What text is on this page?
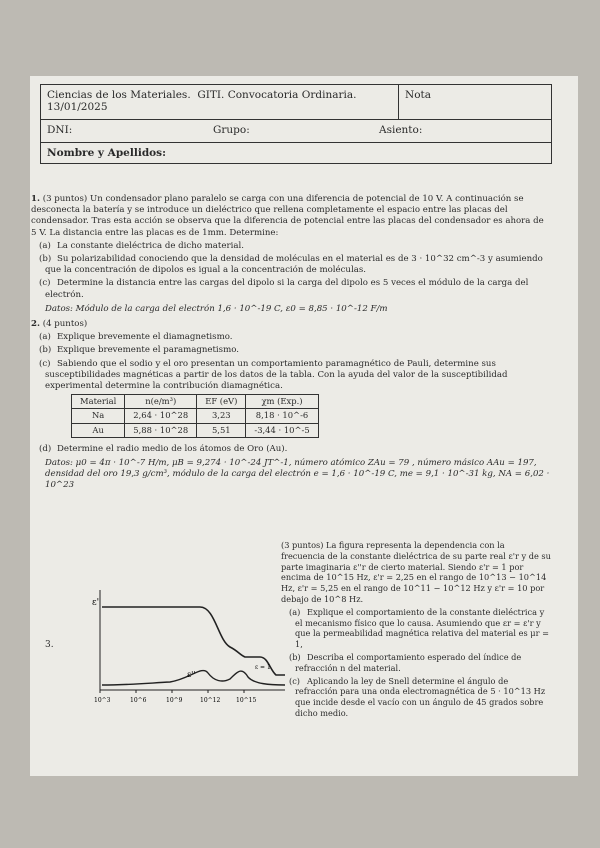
Ciencias de los Materiales. GITI. Convocatoria Ordinaria.
13/01/2025
Nota
DNI:	Grupo:	Asiento:
Nombre y Apellidos:
1. (3 puntos) Un condensador plano paralelo se carga con una diferencia de potencial de 10 V. A continuación se desconecta la batería y se introduce un dieléctrico que rellena completamente el espacio entre las placas del condensador. Tras esta acción se observa que la diferencia de potencial entre las placas del condensador es ahora de 5 V. La distancia entre las placas es de 1mm. Determine:
(a) La constante dieléctrica de dicho material.
(b) Su polarizabilidad conociendo que la densidad de moléculas en el material es de 3 · 10^32 cm^-3 y asumiendo que la concentración de dipolos es igual a la concentración de moléculas.
(c) Determine la distancia entre las cargas del dipolo si la carga del dipolo es 5 veces el módulo de la carga del electrón.
Datos: Módulo de la carga del electrón 1,6 · 10^-19 C, ε0 = 8,85 · 10^-12 F/m
2. (4 puntos)
(a) Explique brevemente el diamagnetismo.
(b) Explique brevemente el paramagnetismo.
(c) Sabiendo que el sodio y el oro presentan un comportamiento paramagnético de Pauli, determine sus susceptibilidades magnéticas a partir de los datos de la tabla. Con la ayuda del valor de la susceptibilidad experimental determine la contribución diamagnética.
Material	n(e/m³)	EF (eV)	χm (Exp.)
Na	2,64 · 10^28	3,23	8,18 · 10^-6
Au	5,88 · 10^28	5,51	-3,44 · 10^-5
(d) Determine el radio medio de los átomos de Oro (Au).
Datos: μ0 = 4π · 10^-7 H/m, μB = 9,274 · 10^-24 JT^-1, número atómico ZAu = 79 , número másico AAu = 197, densidad del oro 19,3 g/cm³, módulo de la carga del electrón e = 1,6 · 10^-19 C, me = 9,1 · 10^-31 kg, NA = 6,02 · 10^23
3.
ε'
ε''
ε = 1
10^3	10^6	10^9	10^12	10^15
(3 puntos) La figura representa la dependencia con la frecuencia de la constante dieléctrica de su parte real ε'r y de su parte imaginaria ε''r de cierto material. Siendo ε'r = 1 por encima de 10^15 Hz, ε'r = 2,25 en el rango de 10^13 − 10^14 Hz, ε'r = 5,25 en el rango de 10^11 − 10^12 Hz y ε'r = 10 por debajo de 10^8 Hz.
(a) Explique el comportamiento de la constante dieléctrica y el mecanismo físico que lo causa. Asumiendo que εr = ε'r y que la permeabilidad magnética relativa del material es μr = 1,
(b) Describa el comportamiento esperado del índice de refracción n del material.
(c) Aplicando la ley de Snell determine el ángulo de refracción para una onda electromagnética de 5 · 10^13 Hz que incide desde el vacío con un ángulo de 45 grados sobre dicho medio.
